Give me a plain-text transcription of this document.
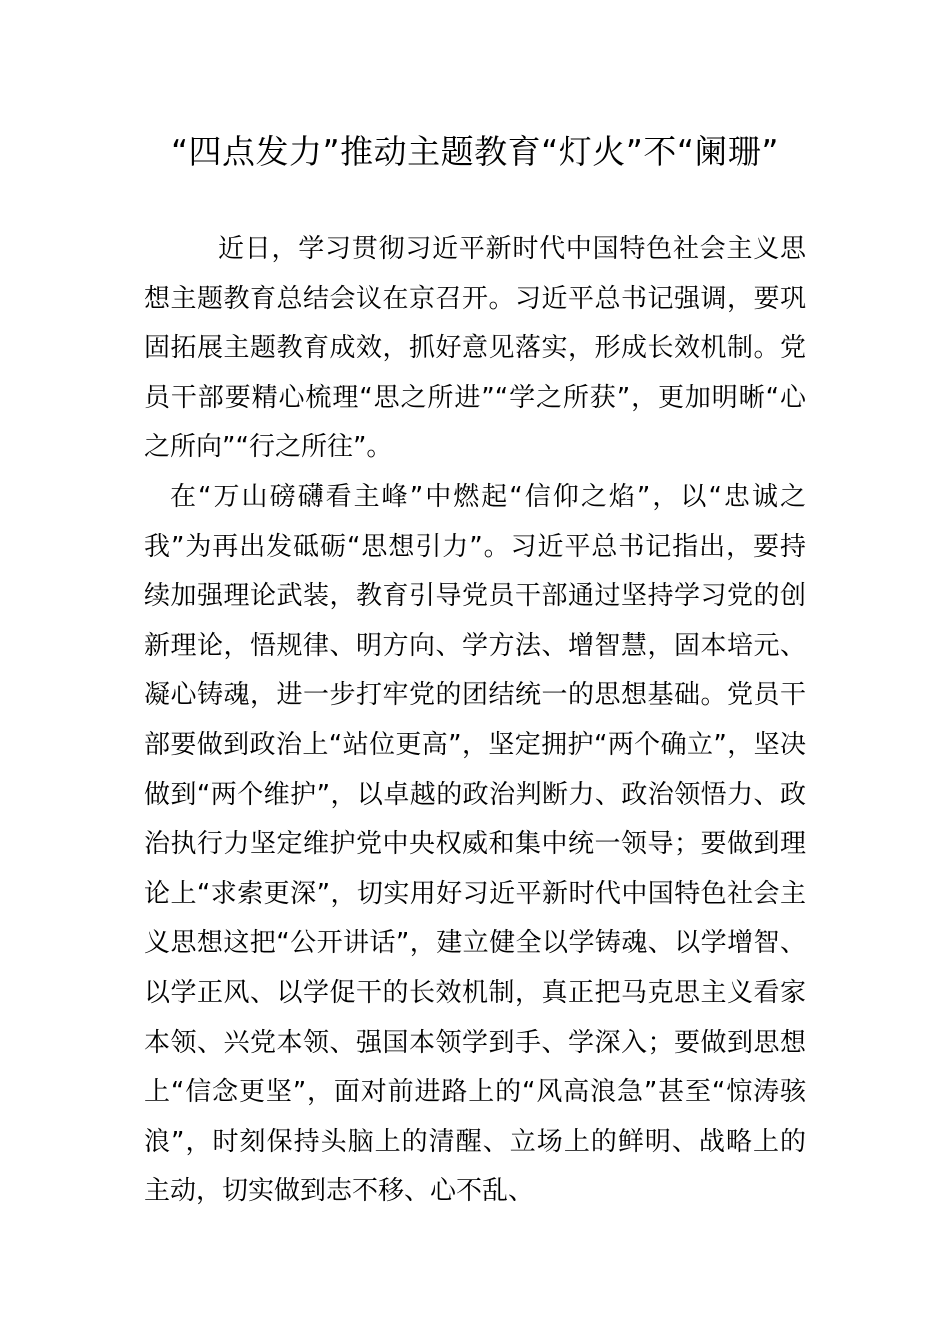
“四点发力”推动主题教育“灯火”不“阑珊”

近日，学习贯彻习近平新时代中国特色社会主义思想主题教育总结会议在京召开。习近平总书记强调，要巩固拓展主题教育成效，抓好意见落实，形成长效机制。党员干部要精心梳理“思之所进”“学之所获”，更加明晰“心之所向”“行之所往”。

在“万山磅礴看主峰”中燃起“信仰之焰”，以“忠诚之我”为再出发砥砺“思想引力”。习近平总书记指出，要持续加强理论武装，教育引导党员干部通过坚持学习党的创新理论，悟规律、明方向、学方法、增智慧，固本培元、凝心铸魂，进一步打牢党的团结统一的思想基础。党员干部要做到政治上“站位更高”，坚定拥护“两个确立”，坚决做到“两个维护”，以卓越的政治判断力、政治领悟力、政治执行力坚定维护党中央权威和集中统一领导；要做到理论上“求索更深”，切实用好习近平新时代中国特色社会主义思想这把“公开讲话”，建立健全以学铸魂、以学增智、以学正风、以学促干的长效机制，真正把马克思主义看家本领、兴党本领、强国本领学到手、学深入；要做到思想上“信念更坚”，面对前进路上的“风高浪急”甚至“惊涛骇浪”，时刻保持头脑上的清醒、立场上的鲜明、战略上的主动，切实做到志不移、心不乱、
